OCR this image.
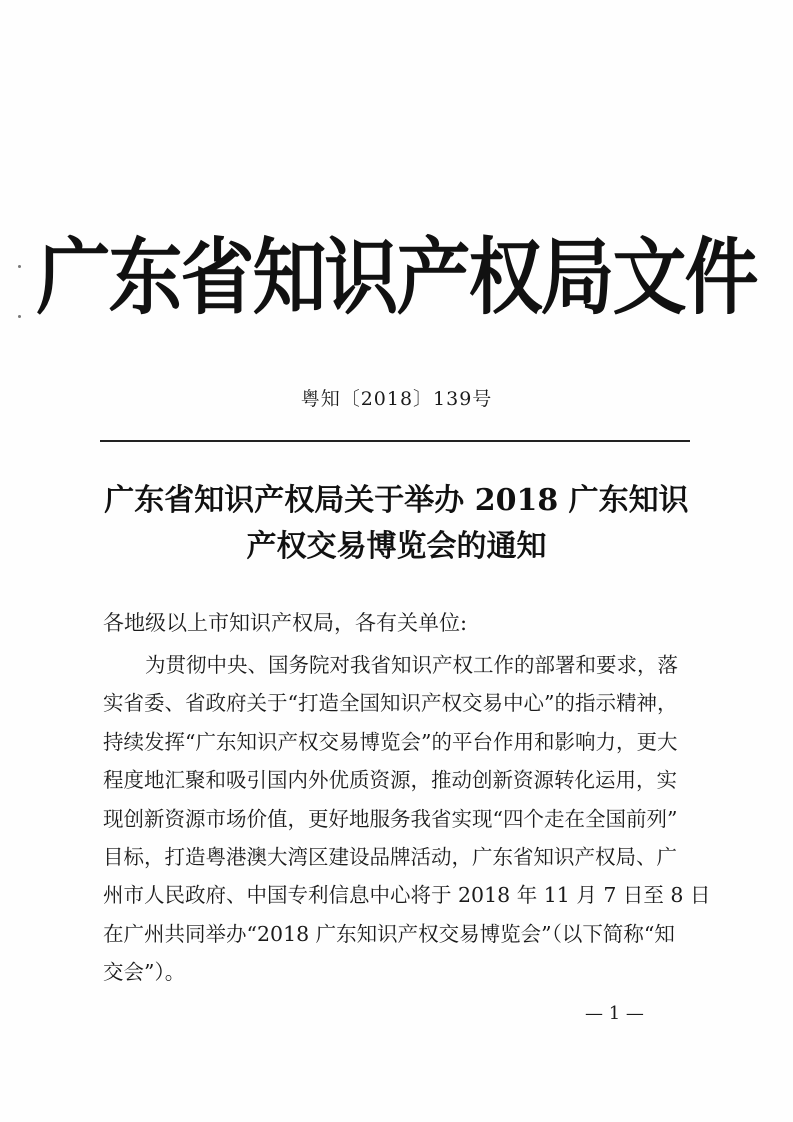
广东省知识产权局文件
粤知〔2018〕139号
广东省知识产权局关于举办 2018 广东知识
产权交易博览会的通知
各地级以上市知识产权局，各有关单位:
为贯彻中央、国务院对我省知识产权工作的部署和要求，落
实省委、省政府关于“打造全国知识产权交易中心”的指示精神，
持续发挥“广东知识产权交易博览会”的平台作用和影响力，更大
程度地汇聚和吸引国内外优质资源，推动创新资源转化运用，实
现创新资源市场价值，更好地服务我省实现“四个走在全国前列”
目标，打造粤港澳大湾区建设品牌活动，广东省知识产权局、广
州市人民政府、中国专利信息中心将于 2018 年 11 月 7 日至 8 日
在广州共同举办“2018 广东知识产权交易博览会”（以下简称“知
交会”）。
— 1 —
